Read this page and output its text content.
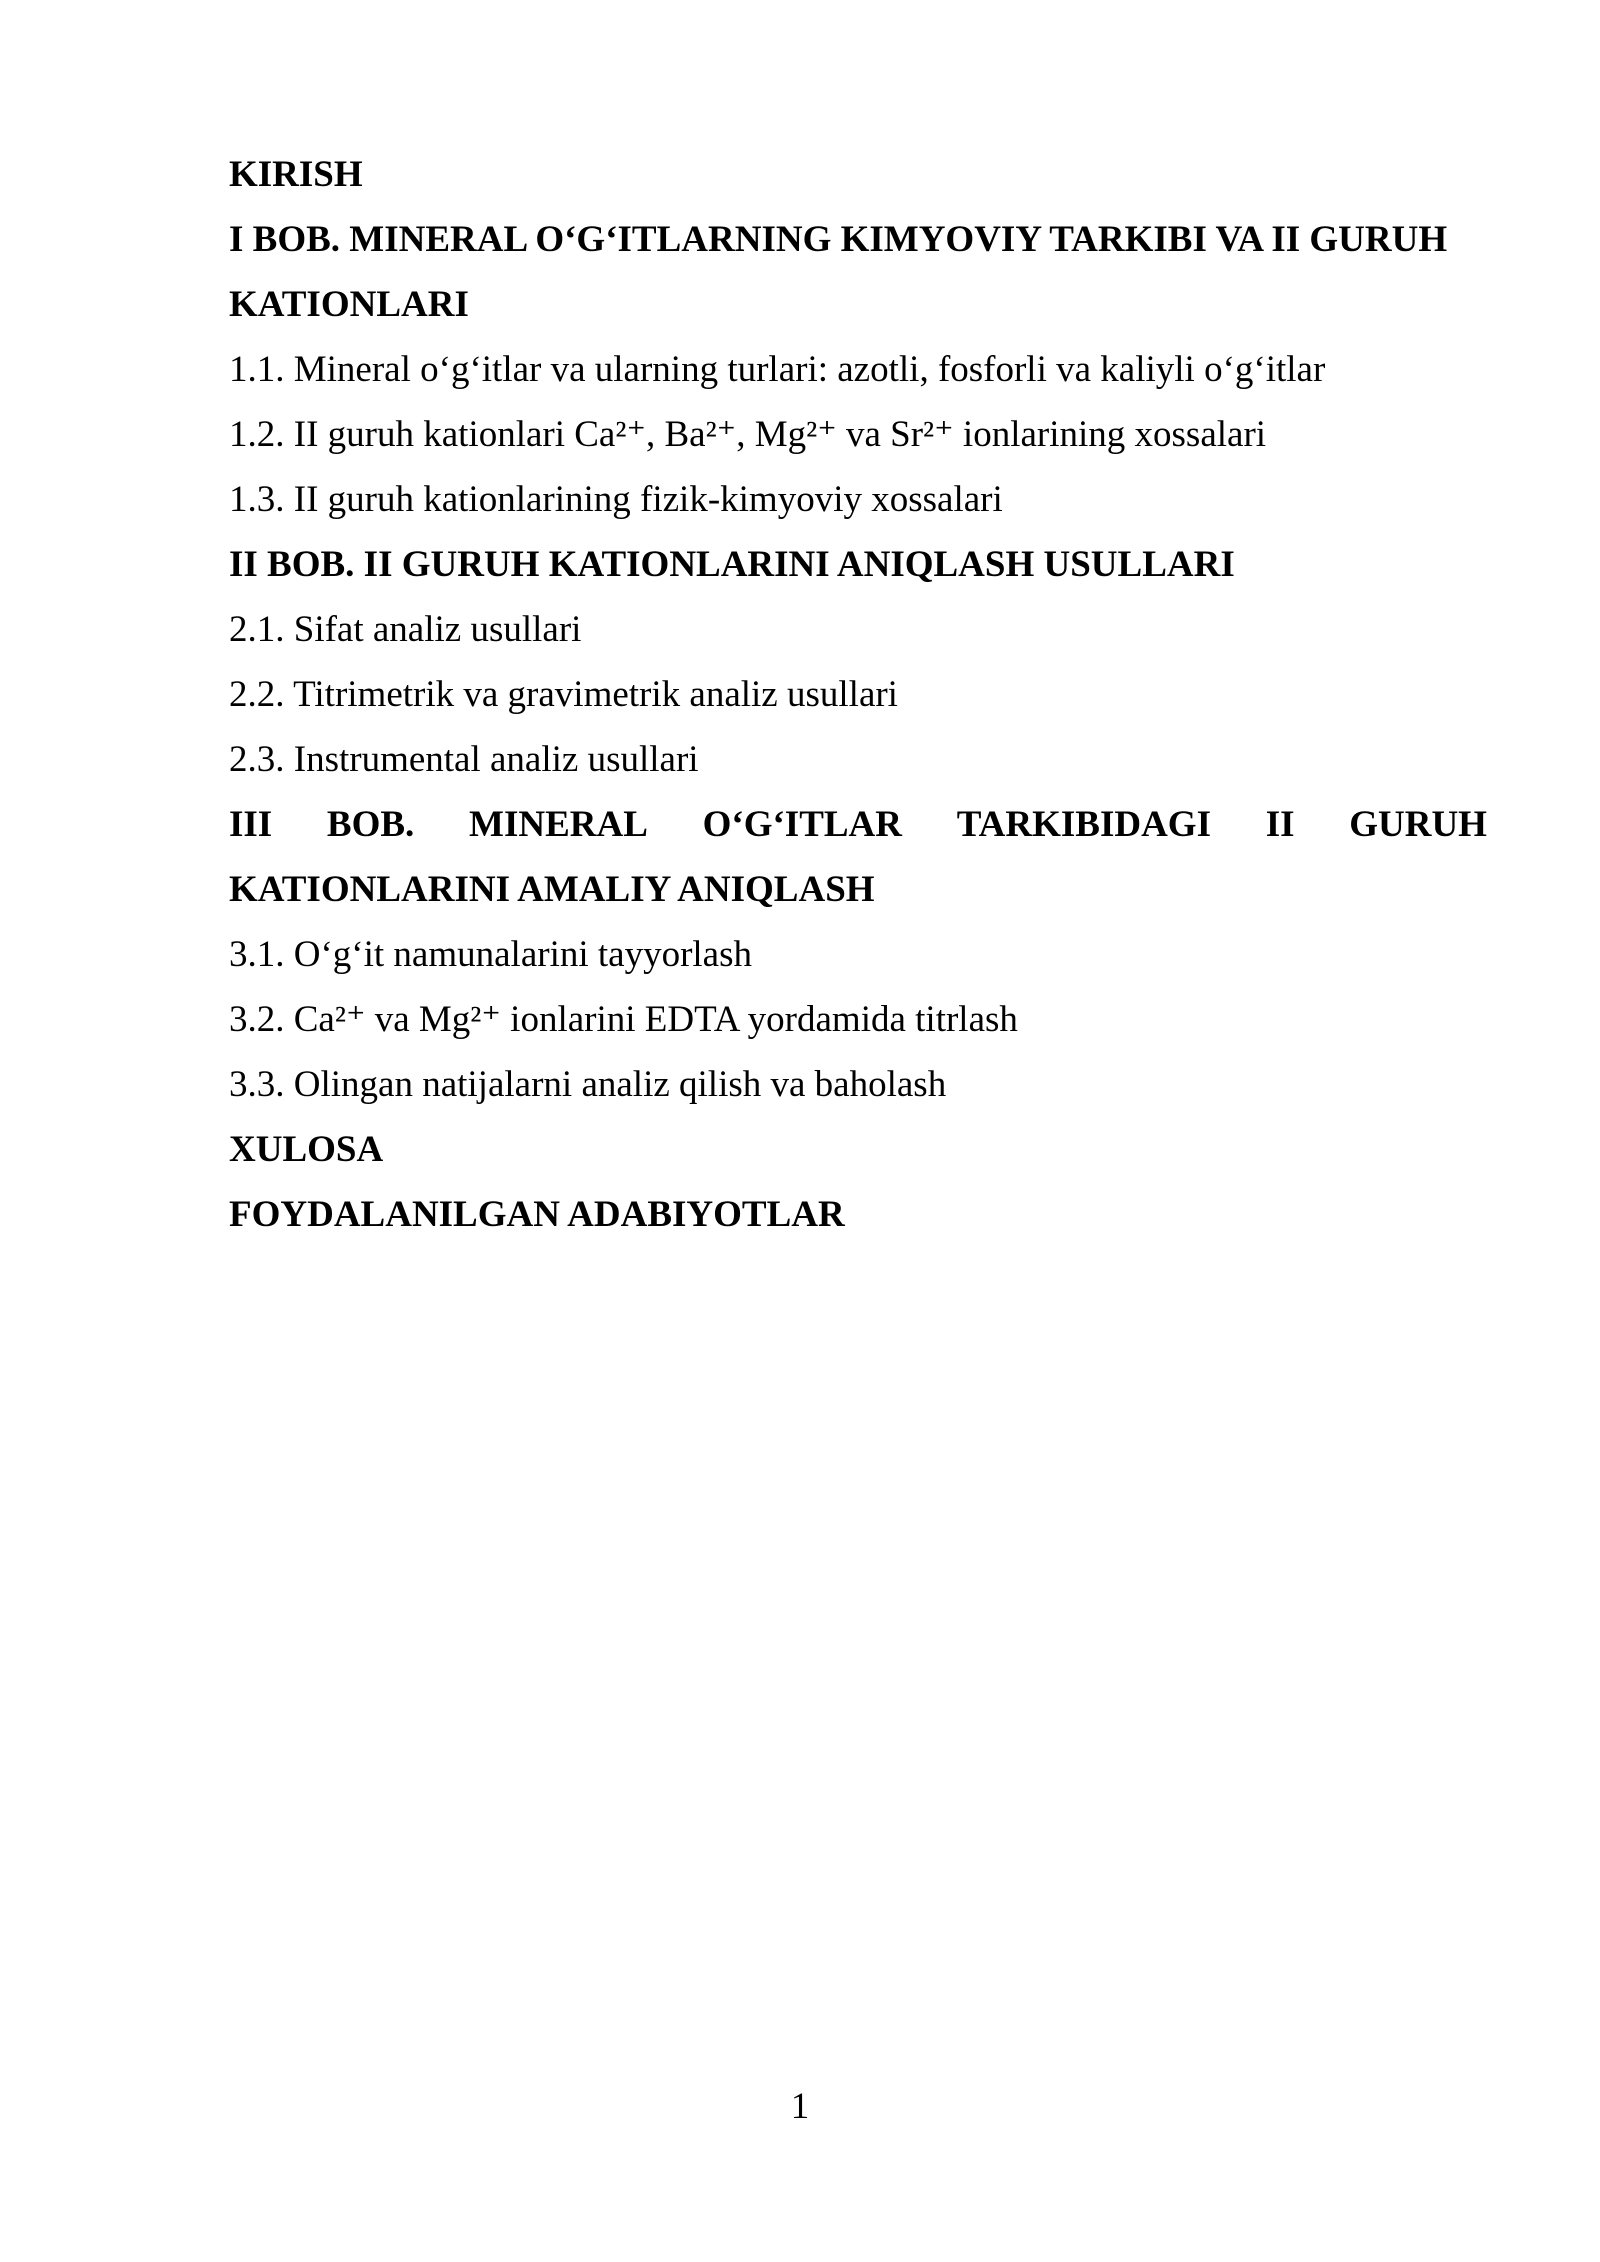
KIRISH

I BOB. MINERAL O‘G‘ITLARNING KIMYOVIY TARKIBI VA II GURUH

KATIONLARI

1.1. Mineral o‘g‘itlar va ularning turlari: azotli, fosforli va kaliyli o‘g‘itlar

1.2. II guruh kationlari Ca²⁺, Ba²⁺, Mg²⁺ va Sr²⁺ ionlarining xossalari

1.3. II guruh kationlarining fizik-kimyoviy xossalari

II BOB. II GURUH KATIONLARINI ANIQLASH USULLARI

2.1. Sifat analiz usullari

2.2. Titrimetrik va gravimetrik analiz usullari

2.3. Instrumental analiz usullari

III BOB. MINERAL O‘G‘ITLAR TARKIBIDAGI II GURUH

KATIONLARINI AMALIY ANIQLASH

3.1. O‘g‘it namunalarini tayyorlash

3.2. Ca²⁺ va Mg²⁺ ionlarini EDTA yordamida titrlash

3.3. Olingan natijalarni analiz qilish va baholash

XULOSA

FOYDALANILGAN ADABIYOTLAR

1
